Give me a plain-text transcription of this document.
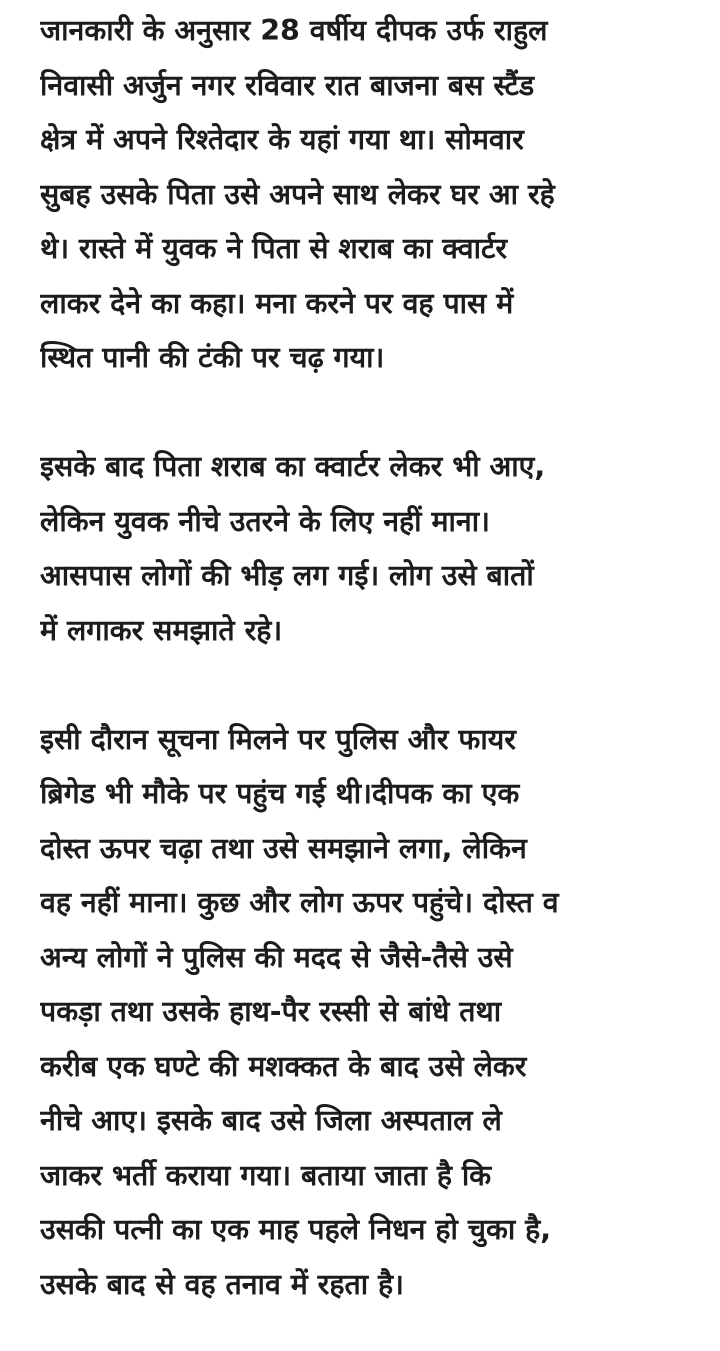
जानकारी के अनुसार 28 वर्षीय दीपक उर्फ राहुल
निवासी अर्जुन नगर रविवार रात बाजना बस स्टैंड
क्षेत्र में अपने रिश्तेदार के यहां गया था। सोमवार
सुबह उसके पिता उसे अपने साथ लेकर घर आ रहे
थे। रास्ते में युवक ने पिता से शराब का क्वार्टर
लाकर देने का कहा। मना करने पर वह पास में
स्थित पानी की टंकी पर चढ़ गया।

इसके बाद पिता शराब का क्वार्टर लेकर भी आए,
लेकिन युवक नीचे उतरने के लिए नहीं माना।
आसपास लोगों की भीड़ लग गई। लोग उसे बातों
में लगाकर समझाते रहे।

इसी दौरान सूचना मिलने पर पुलिस और फायर
ब्रिगेड भी मौके पर पहुंच गई थी।दीपक का एक
दोस्त ऊपर चढ़ा तथा उसे समझाने लगा, लेकिन
वह नहीं माना। कुछ और लोग ऊपर पहुंचे। दोस्त व
अन्य लोगों ने पुलिस की मदद से जैसे-तैसे उसे
पकड़ा तथा उसके हाथ-पैर रस्सी से बांधे तथा
करीब एक घण्टे की मशक्कत के बाद उसे लेकर
नीचे आए। इसके बाद उसे जिला अस्पताल ले
जाकर भर्ती कराया गया। बताया जाता है कि
उसकी पत्नी का एक माह पहले निधन हो चुका है,
उसके बाद से वह तनाव में रहता है।
